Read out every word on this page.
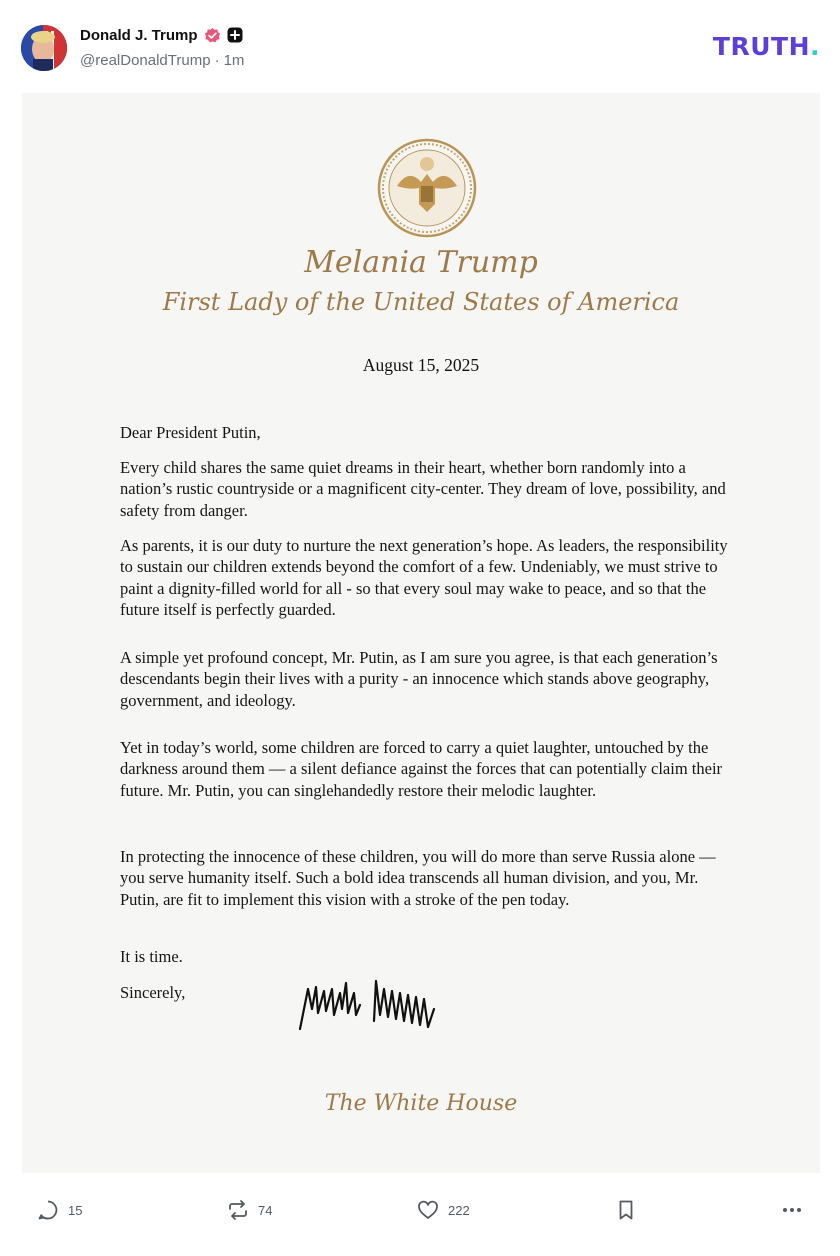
Donald J. Trump
@realDonaldTrump · 1m	TRUTH.
Melania Trump
First Lady of the United States of America
August 15, 2025
Dear President Putin,
Every child shares the same quiet dreams in their heart, whether born randomly into a nation’s rustic countryside or a magnificent city-center. They dream of love, possibility, and safety from danger.
As parents, it is our duty to nurture the next generation’s hope. As leaders, the responsibility to sustain our children extends beyond the comfort of a few. Undeniably, we must strive to paint a dignity-filled world for all - so that every soul may wake to peace, and so that the future itself is perfectly guarded.
A simple yet profound concept, Mr. Putin, as I am sure you agree, is that each generation’s descendants begin their lives with a purity - an innocence which stands above geography, government, and ideology.
Yet in today’s world, some children are forced to carry a quiet laughter, untouched by the darkness around them — a silent defiance against the forces that can potentially claim their future. Mr. Putin, you can singlehandedly restore their melodic laughter.
In protecting the innocence of these children, you will do more than serve Russia alone — you serve humanity itself. Such a bold idea transcends all human division, and you, Mr. Putin, are fit to implement this vision with a stroke of the pen today.
It is time.
Sincerely,
The White House
15	74	222
